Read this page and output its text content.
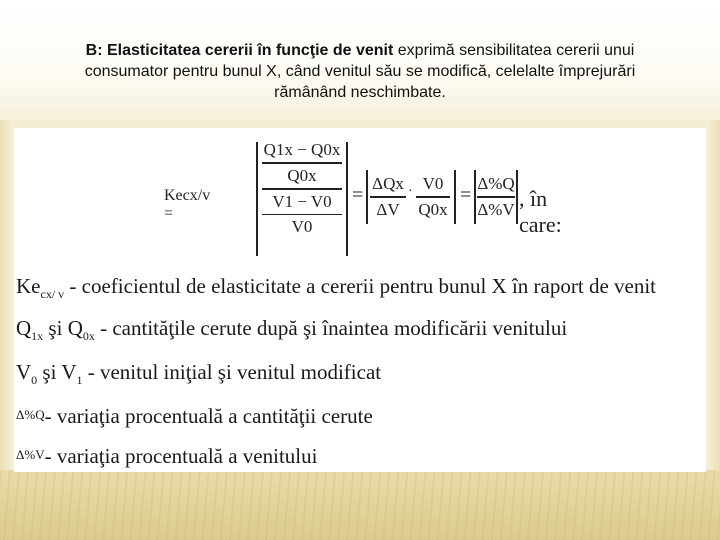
B: Elasticitatea cererii în funcţie de venit exprimă sensibilitatea cererii unui
consumator pentru bunul X, când venitul său se modifică, celelalte împrejurări
rămânând neschimbate.
Kecx/v =
Q1x − Q0x
Q0x
V1 − V0
V0
=
ΔQx
ΔV
· V0
Q0x
=
Δ%Q
Δ%V , în care:
$Ke_{cx/ v}$ - coeficientul de elasticitate a cererii pentru bunul X în raport de venit
$Q_{1x}$ şi $Q_{0x}$ - cantităţile cerute după şi înaintea modificării venitului
$V_0$ şi $V_1$ - venitul iniţial şi venitul modificat
Δ%Q- variaţia procentuală a cantităţii cerute
Δ%V- variaţia procentuală a venitului
